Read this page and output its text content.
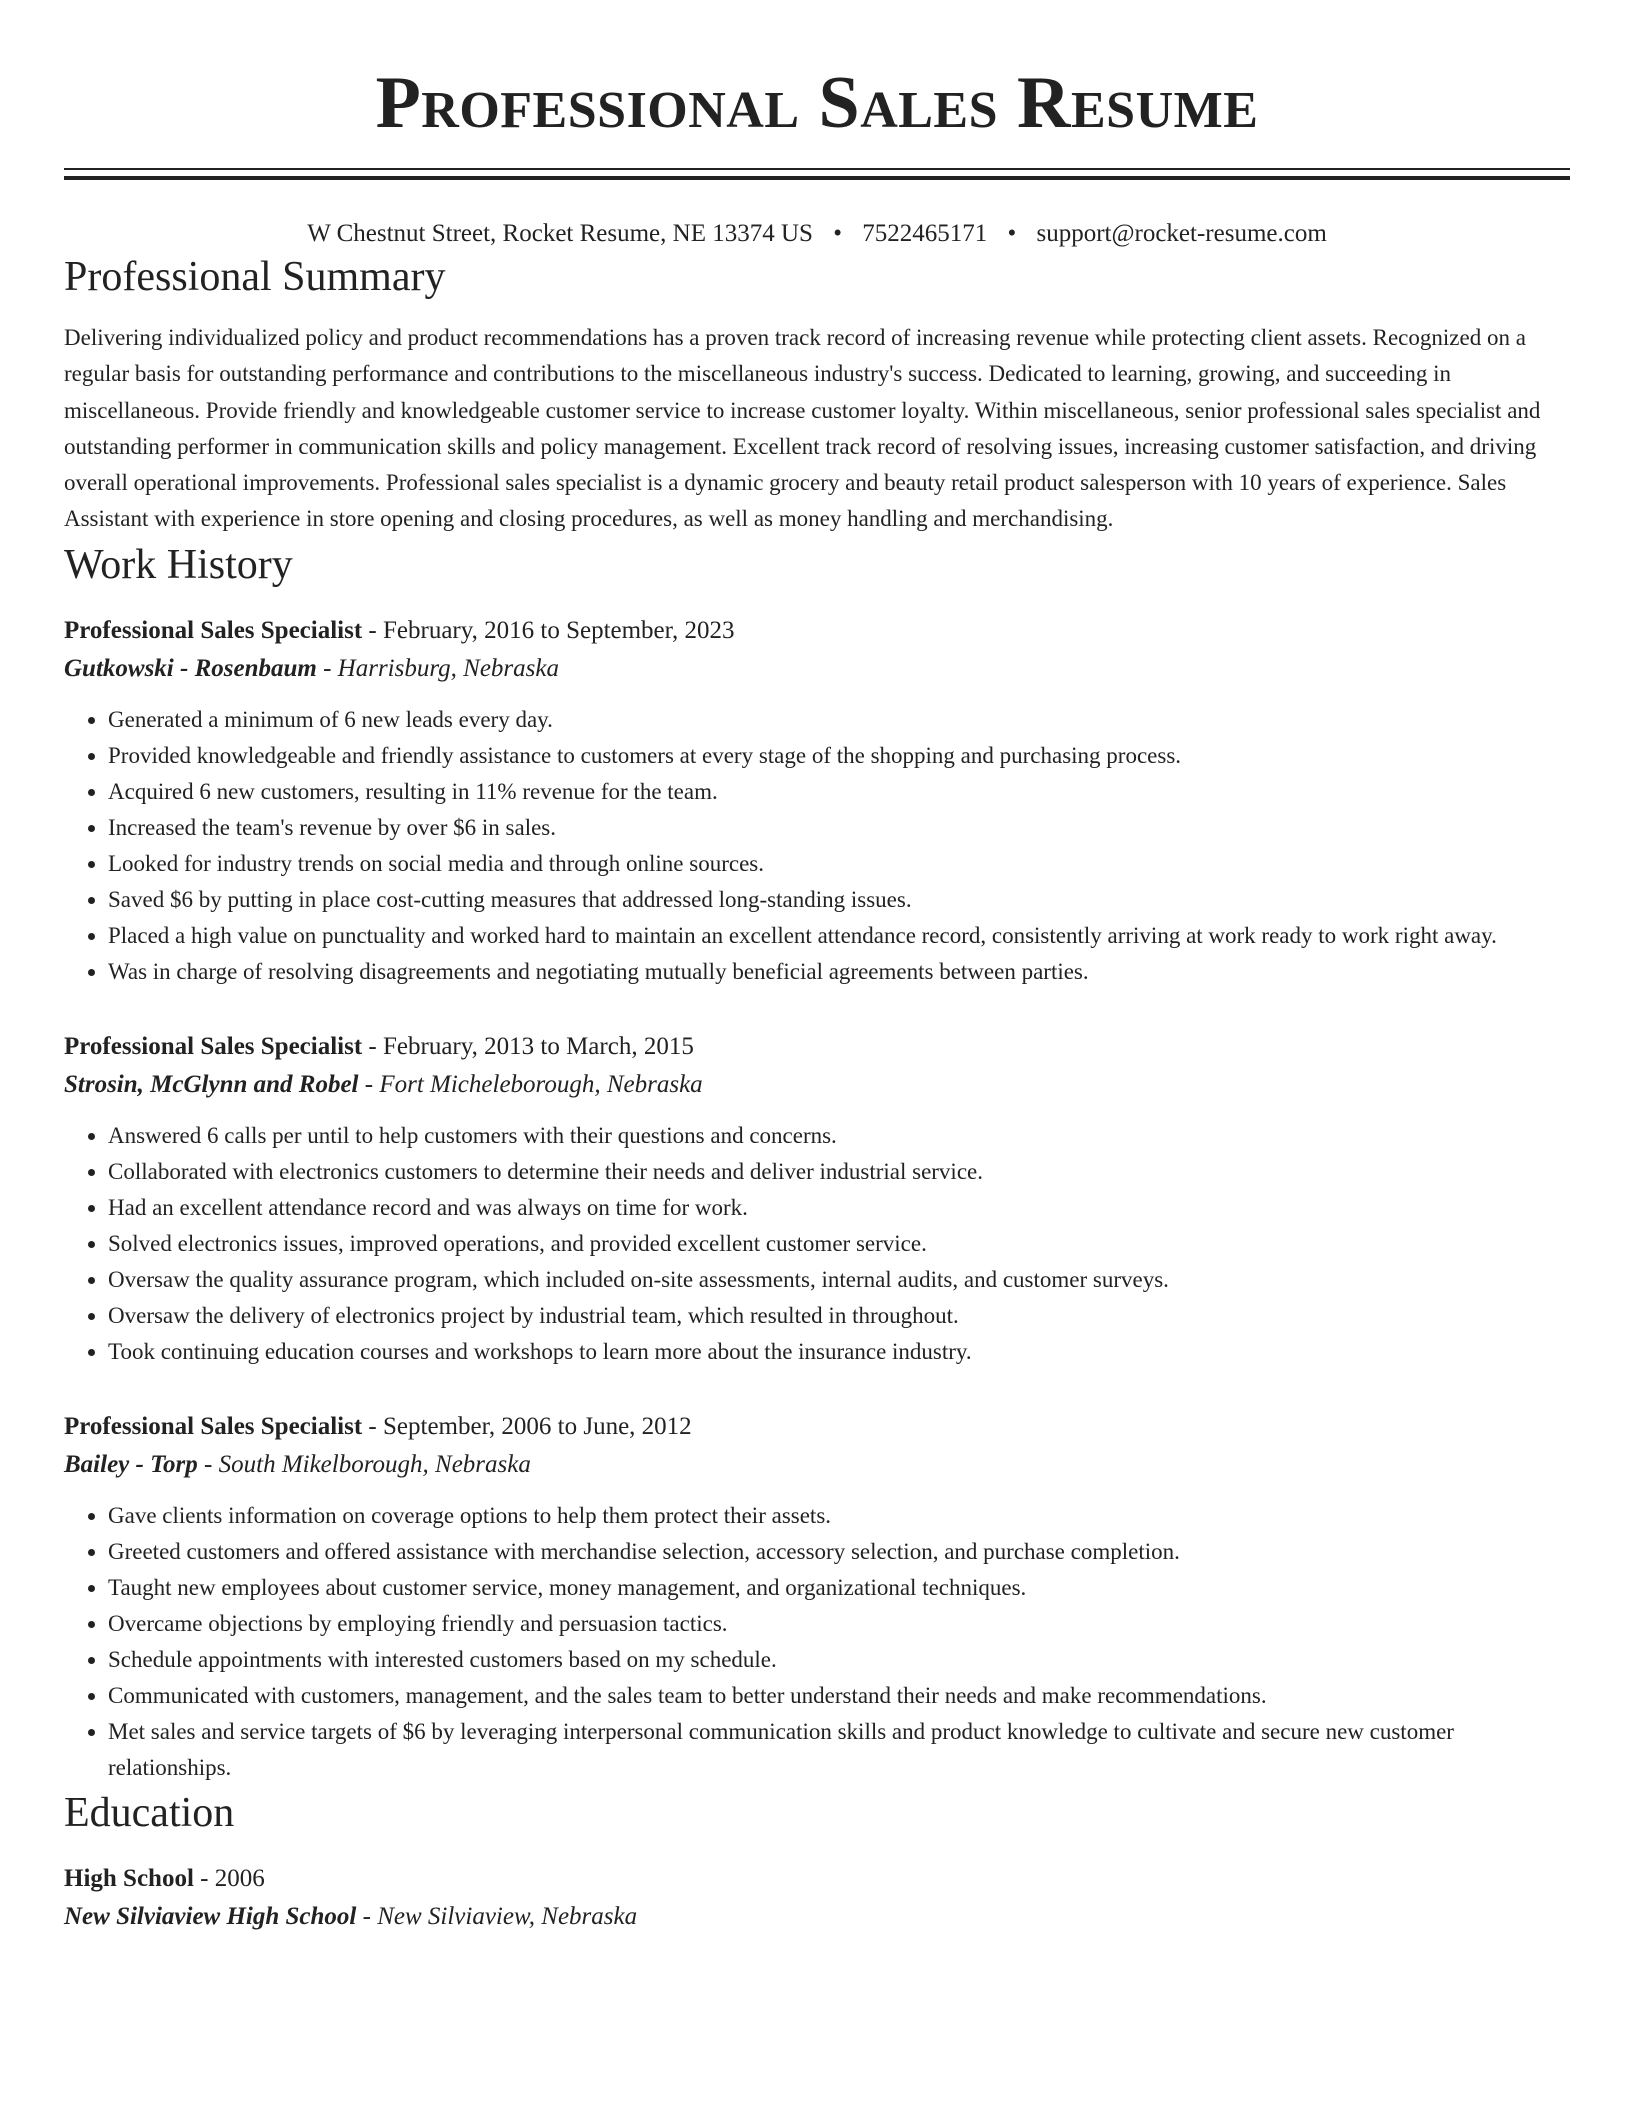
Professional Sales Resume
W Chestnut Street, Rocket Resume, NE 13374 US • 7522465171 • support@rocket-resume.com
Professional Summary

Delivering individualized policy and product recommendations has a proven track record of increasing revenue while protecting client assets. Recognized on a regular basis for outstanding performance and contributions to the miscellaneous industry's success. Dedicated to learning, growing, and succeeding in miscellaneous. Provide friendly and knowledgeable customer service to increase customer loyalty. Within miscellaneous, senior professional sales specialist and outstanding performer in communication skills and policy management. Excellent track record of resolving issues, increasing customer satisfaction, and driving overall operational improvements. Professional sales specialist is a dynamic grocery and beauty retail product salesperson with 10 years of experience. Sales Assistant with experience in store opening and closing procedures, as well as money handling and merchandising.

Work History
Professional Sales Specialist - February, 2016 to September, 2023
Gutkowski - Rosenbaum - Harrisburg, Nebraska
• Generated a minimum of 6 new leads every day.
• Provided knowledgeable and friendly assistance to customers at every stage of the shopping and purchasing process.
• Acquired 6 new customers, resulting in 11% revenue for the team.
• Increased the team's revenue by over $6 in sales.
• Looked for industry trends on social media and through online sources.
• Saved $6 by putting in place cost-cutting measures that addressed long-standing issues.
• Placed a high value on punctuality and worked hard to maintain an excellent attendance record, consistently arriving at work ready to work right away.
• Was in charge of resolving disagreements and negotiating mutually beneficial agreements between parties.
Professional Sales Specialist - February, 2013 to March, 2015
Strosin, McGlynn and Robel - Fort Micheleborough, Nebraska
• Answered 6 calls per until to help customers with their questions and concerns.
• Collaborated with electronics customers to determine their needs and deliver industrial service.
• Had an excellent attendance record and was always on time for work.
• Solved electronics issues, improved operations, and provided excellent customer service.
• Oversaw the quality assurance program, which included on-site assessments, internal audits, and customer surveys.
• Oversaw the delivery of electronics project by industrial team, which resulted in throughout.
• Took continuing education courses and workshops to learn more about the insurance industry.
Professional Sales Specialist - September, 2006 to June, 2012
Bailey - Torp - South Mikelborough, Nebraska
• Gave clients information on coverage options to help them protect their assets.
• Greeted customers and offered assistance with merchandise selection, accessory selection, and purchase completion.
• Taught new employees about customer service, money management, and organizational techniques.
• Overcame objections by employing friendly and persuasion tactics.
• Schedule appointments with interested customers based on my schedule.
• Communicated with customers, management, and the sales team to better understand their needs and make recommendations.
• Met sales and service targets of $6 by leveraging interpersonal communication skills and product knowledge to cultivate and secure new customer relationships.
Education
High School - 2006
New Silviaview High School - New Silviaview, Nebraska
